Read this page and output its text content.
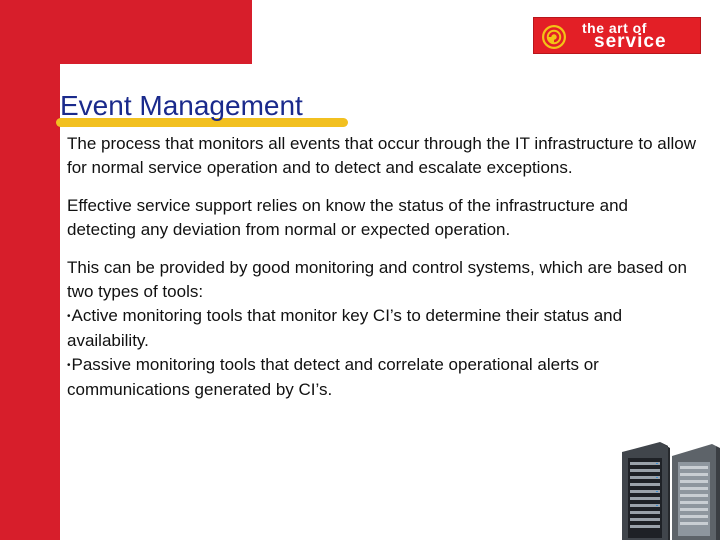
Event Management
the art of
service

The process that monitors all events that occur through the IT infrastructure to allow for normal service operation and to detect and escalate exceptions.

Effective service support relies on know the status of the infrastructure and detecting any deviation from normal or expected operation.

This can be provided by good monitoring and control systems, which are based on two types of tools:

•Active monitoring tools that monitor key CI’s to determine their status and availability.

•Passive monitoring tools that detect and correlate operational alerts or communications generated by CI’s.
